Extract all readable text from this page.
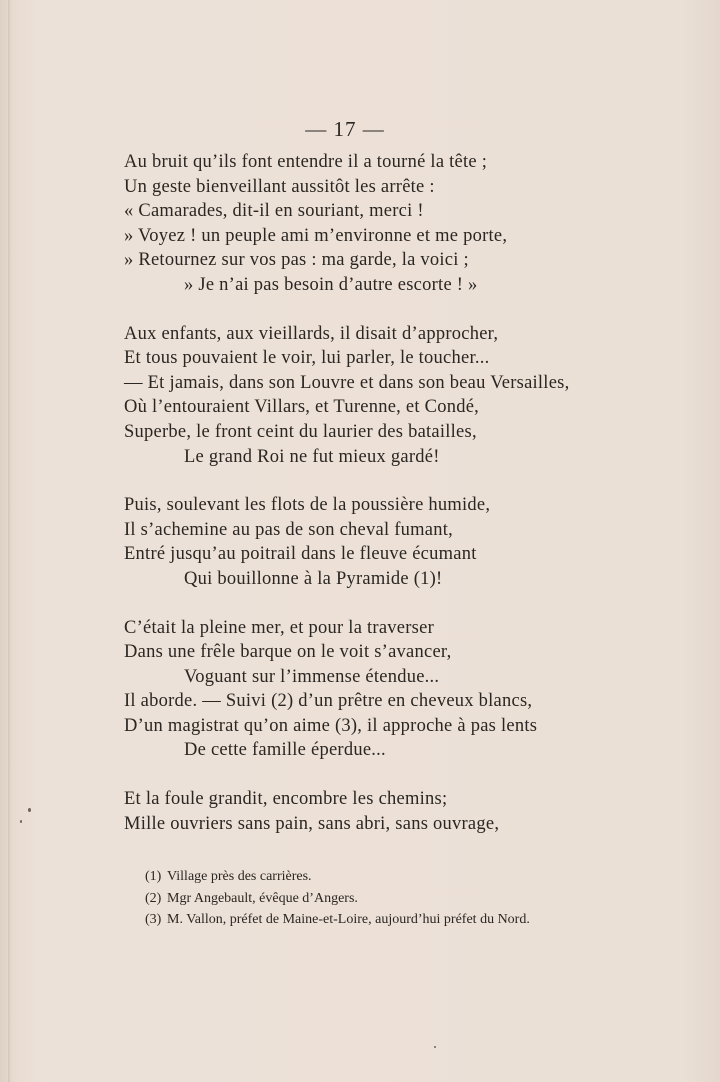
— 17 —
Au bruit qu’ils font entendre il a tourné la tête ;
Un geste bienveillant aussitôt les arrête :
« Camarades, dit-il en souriant, merci !
» Voyez ! un peuple ami m’environne et me porte,
» Retournez sur vos pas : ma garde, la voici ;
» Je n’ai pas besoin d’autre escorte ! »
Aux enfants, aux vieillards, il disait d’approcher,
Et tous pouvaient le voir, lui parler, le toucher...
— Et jamais, dans son Louvre et dans son beau Versailles,
Où l’entouraient Villars, et Turenne, et Condé,
Superbe, le front ceint du laurier des batailles,
Le grand Roi ne fut mieux gardé!
Puis, soulevant les flots de la poussière humide,
Il s’achemine au pas de son cheval fumant,
Entré jusqu’au poitrail dans le fleuve écumant
Qui bouillonne à la Pyramide (1)!
C’était la pleine mer, et pour la traverser
Dans une frêle barque on le voit s’avancer,
Voguant sur l’immense étendue...
Il aborde. — Suivi (2) d’un prêtre en cheveux blancs,
D’un magistrat qu’on aime (3), il approche à pas lents
De cette famille éperdue...
Et la foule grandit, encombre les chemins;
Mille ouvriers sans pain, sans abri, sans ouvrage,
(1) Village près des carrières.
(2) Mgr Angebault, évêque d’Angers.
(3) M. Vallon, préfet de Maine-et-Loire, aujourd’hui préfet du Nord.
